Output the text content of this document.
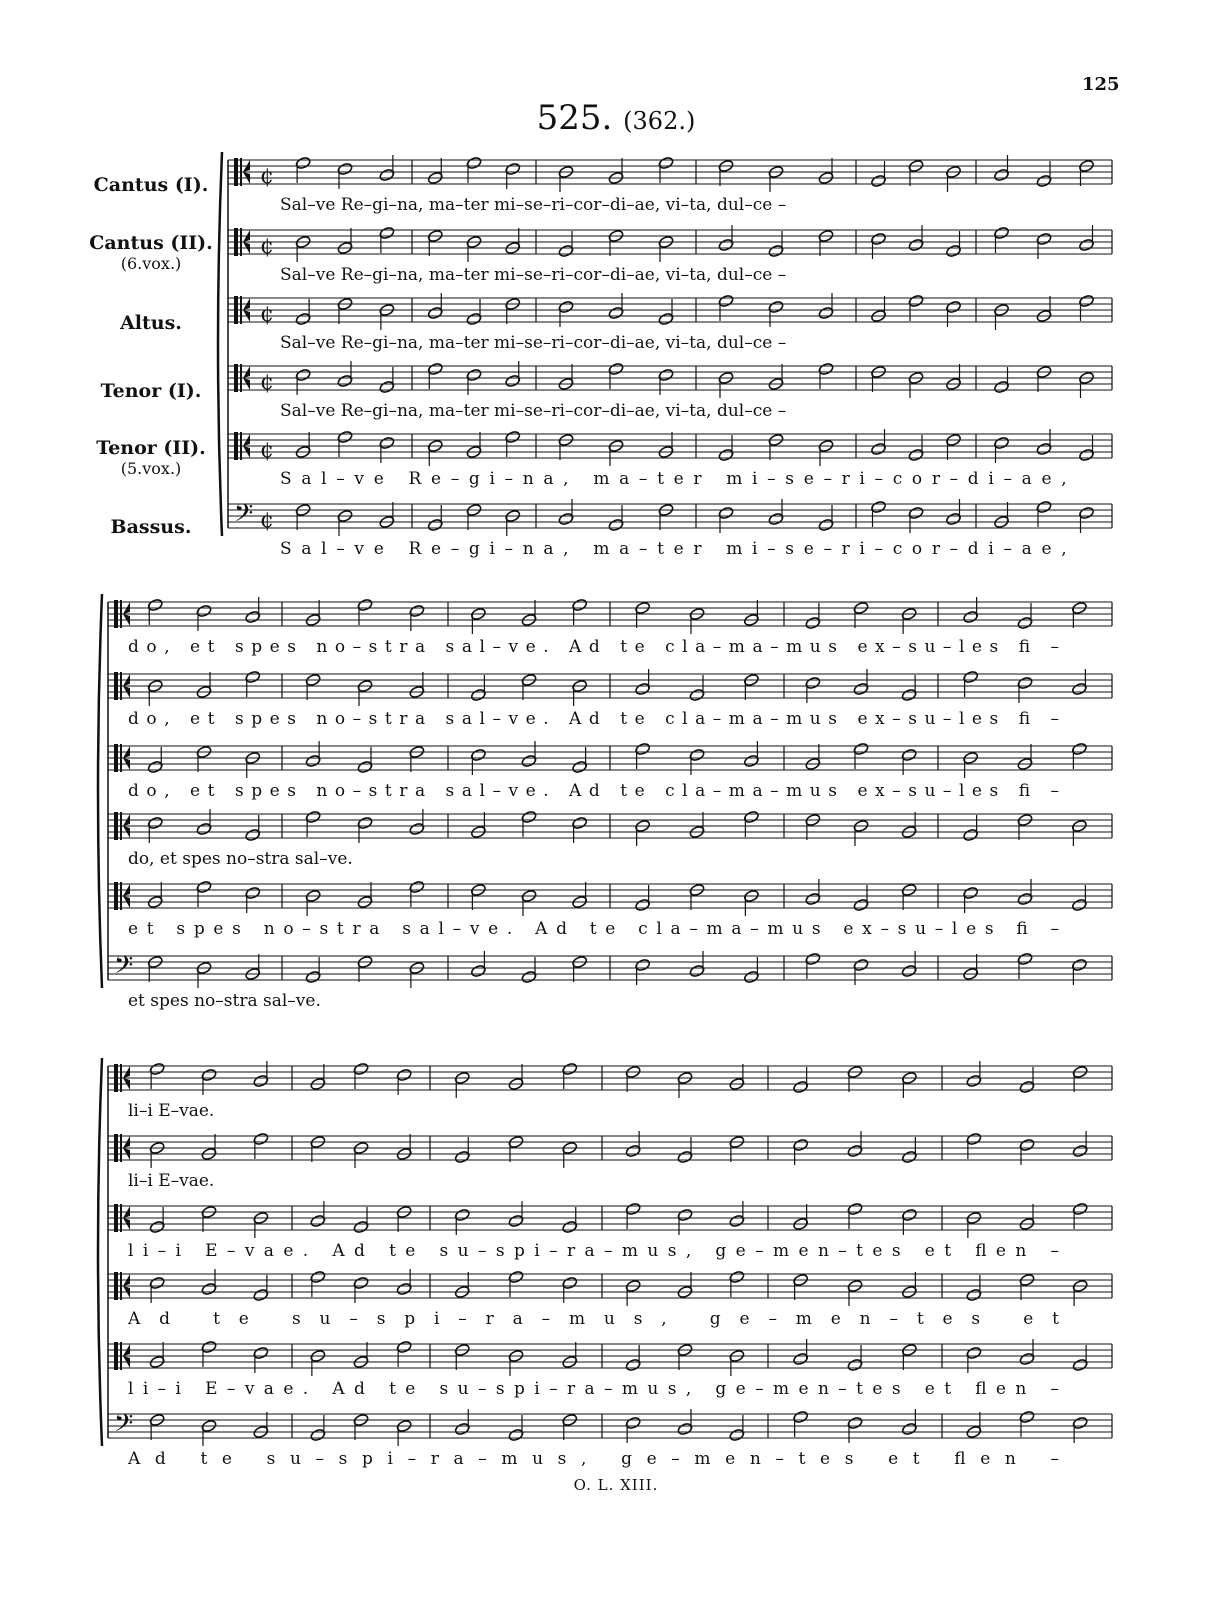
125
525. (362.)
Cantus (I).
Cantus (II).
(6.vox.)
Altus.
Tenor (I).
Tenor (II).
(5.vox.)
Bassus.
¢
Sal–ve Re–gi–na, ma–ter mi–se–ri–cor–di–ae, vi–ta, dul–ce –
¢
Sal–ve Re–gi–na, ma–ter mi–se–ri–cor–di–ae, vi–ta, dul–ce –
¢
Sal–ve Re–gi–na, ma–ter mi–se–ri–cor–di–ae, vi–ta, dul–ce –
¢
Sal–ve Re–gi–na, ma–ter mi–se–ri–cor–di–ae, vi–ta, dul–ce –
¢
Sal–ve Re–gi–na, ma–ter mi–se–ri–cor–di–ae,
𝄢 ¢
Sal–ve Re–gi–na, ma–ter mi–se–ri–cor–di–ae,
do, et spes no–stra sal–ve. Ad te cla–ma–mus ex–su–les fi –
do, et spes no–stra sal–ve. Ad te cla–ma–mus ex–su–les fi –
do, et spes no–stra sal–ve. Ad te cla–ma–mus ex–su–les fi –
do, et spes no–stra sal–ve.
et spes no–stra sal–ve. Ad te cla–ma–mus ex–su–les fi –
𝄢
et spes no–stra sal–ve.
li–i E–vae.
li–i E–vae.
li–i E–vae. Ad te su–spi–ra–mus, ge–men–tes et flen –
Ad te su–spi–ra–mus, ge–men–tes et
li–i E–vae. Ad te su–spi–ra–mus, ge–men–tes et flen –
𝄢
Ad te su–spi–ra–mus, ge–men–tes et flen –
O. L. XIII.
